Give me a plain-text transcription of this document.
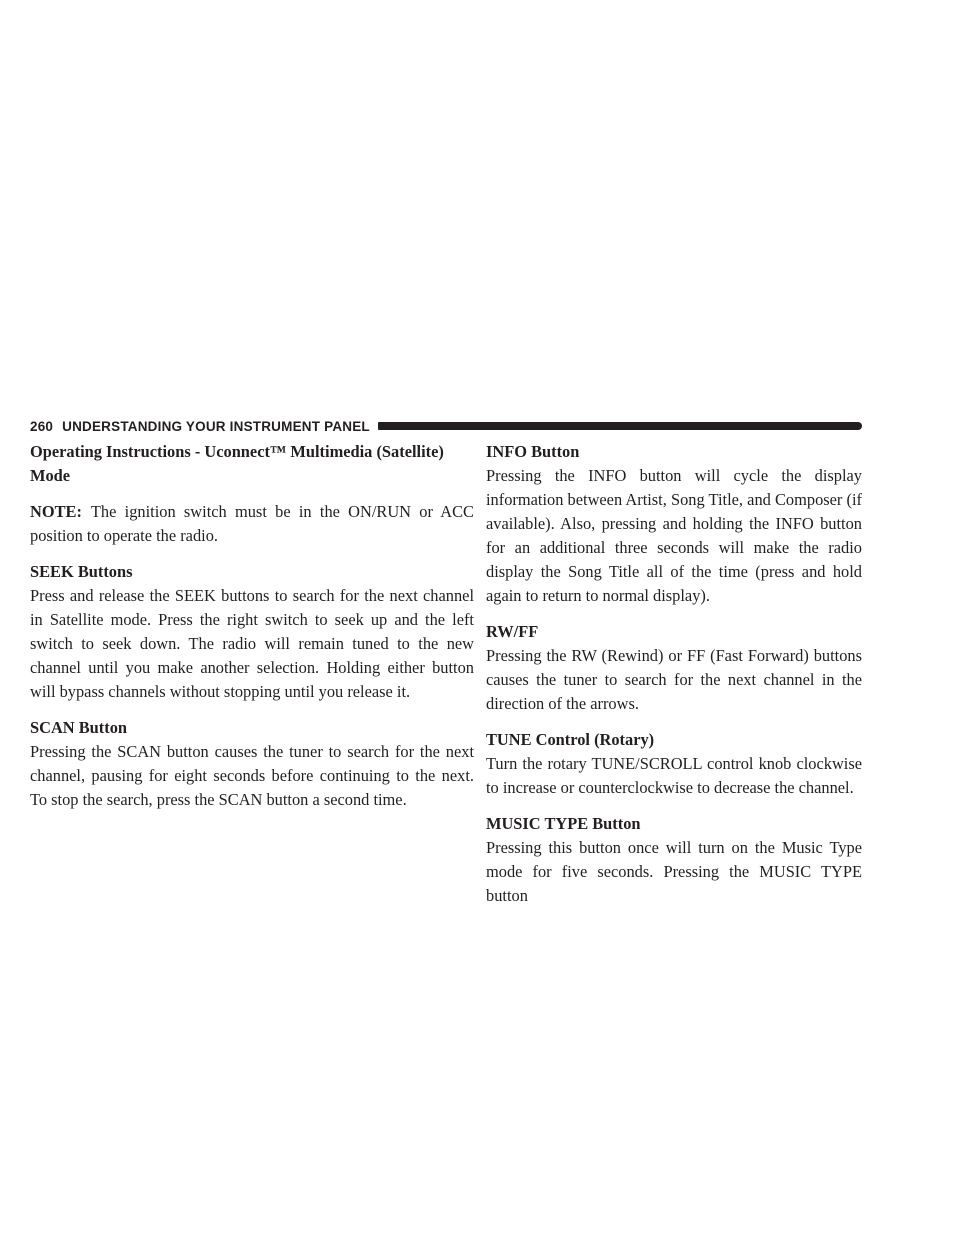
260 UNDERSTANDING YOUR INSTRUMENT PANEL

Operating Instructions - Uconnect™ Multimedia (Satellite) Mode

NOTE: The ignition switch must be in the ON/RUN or ACC position to operate the radio.

SEEK Buttons

Press and release the SEEK buttons to search for the next channel in Satellite mode. Press the right switch to seek up and the left switch to seek down. The radio will remain tuned to the new channel until you make another selection. Holding either button will bypass channels without stopping until you release it.

SCAN Button

Pressing the SCAN button causes the tuner to search for the next channel, pausing for eight seconds before continuing to the next. To stop the search, press the SCAN button a second time.

INFO Button

Pressing the INFO button will cycle the display information between Artist, Song Title, and Composer (if available). Also, pressing and holding the INFO button for an additional three seconds will make the radio display the Song Title all of the time (press and hold again to return to normal display).

RW/FF

Pressing the RW (Rewind) or FF (Fast Forward) buttons causes the tuner to search for the next channel in the direction of the arrows.

TUNE Control (Rotary)

Turn the rotary TUNE/SCROLL control knob clockwise to increase or counterclockwise to decrease the channel.

MUSIC TYPE Button

Pressing this button once will turn on the Music Type mode for five seconds. Pressing the MUSIC TYPE button
